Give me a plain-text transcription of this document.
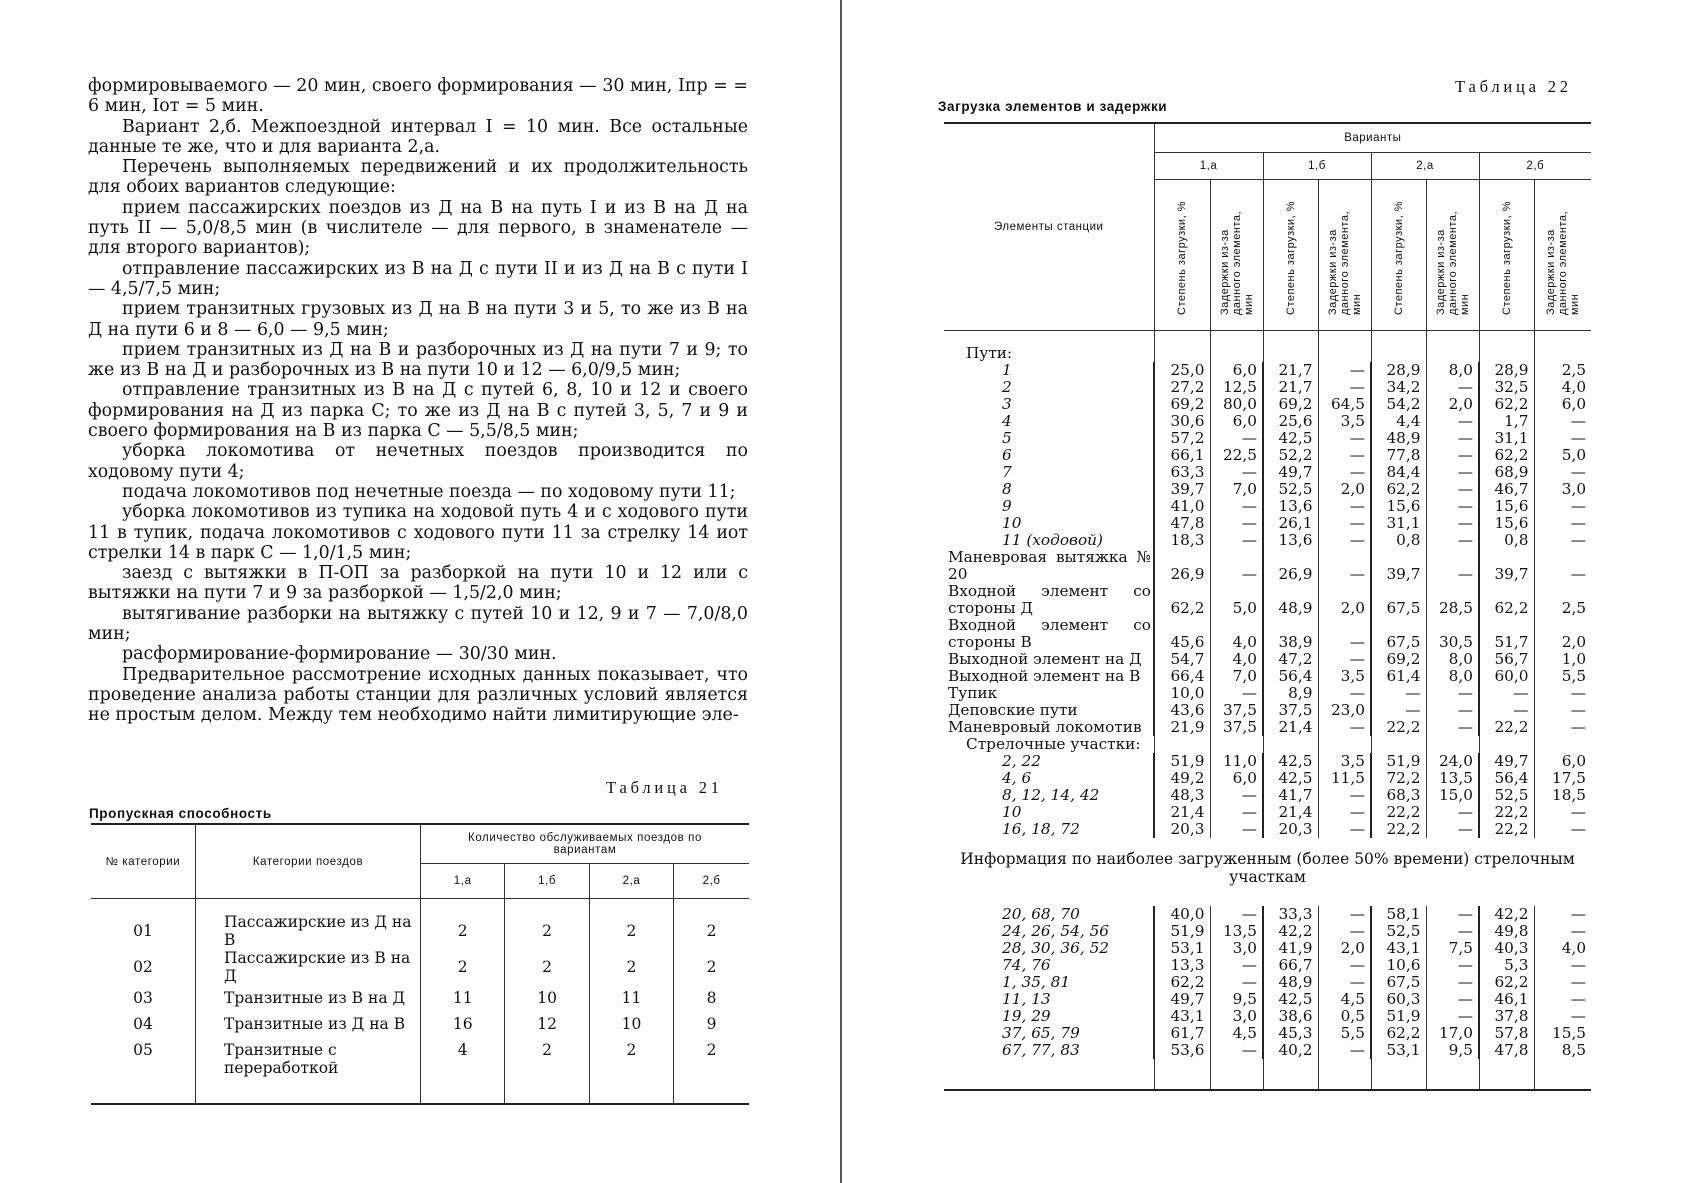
формировываемого — 20 мин, своего формирования — 30 мин, Iпр = = 6 мин, Iот = 5 мин.

Вариант 2,б. Межпоездной интервал I = 10 мин. Все остальные данные те же, что и для варианта 2,а.

Перечень выполняемых передвижений и их продолжительность для обоих вариантов следующие:

прием пассажирских поездов из Д на В на путь I и из В на Д на путь II — 5,0/8,5 мин (в числителе — для первого, в знаменателе — для второго вариантов);

отправление пассажирских из В на Д с пути II и из Д на В с пути I — 4,5/7,5 мин;

прием транзитных грузовых из Д на В на пути 3 и 5, то же из В на Д на пути 6 и 8 — 6,0 — 9,5 мин;

прием транзитных из Д на В и разборочных из Д на пути 7 и 9; то же из В на Д и разборочных из В на пути 10 и 12 — 6,0/9,5 мин;

отправление транзитных из В на Д с путей 6, 8, 10 и 12 и своего формирования на Д из парка С; то же из Д на В с путей 3, 5, 7 и 9 и своего формирования на В из парка С — 5,5/8,5 мин;

уборка локомотива от нечетных поездов производится по ходовому пути 4;

подача локомотивов под нечетные поезда — по ходовому пути 11;

уборка локомотивов из тупика на ходовой путь 4 и с ходового пути 11 в тупик, подача локомотивов с ходового пути 11 за стрелку 14 иот стрелки 14 в парк С — 1,0/1,5 мин;

заезд с вытяжки в П-ОП за разборкой на пути 10 и 12 или с вытяжки на пути 7 и 9 за разборкой — 1,5/2,0 мин;

вытягивание разборки на вытяжку с путей 10 и 12, 9 и 7 — 7,0/8,0 мин;

расформирование-формирование — 30/30 мин.

Предварительное рассмотрение исходных данных показывает, что проведение анализа работы станции для различных условий является не простым делом. Между тем необходимо найти лимитирующие эле-

Таблица 21
Пропускная способность
№ категории	Категории поездов	Количество обслуживаемых поездов по вариантам			
		1,а	1,б	2,а	2,б

01	Пассажирские из Д на В	2	2	2	2
02	Пассажирские из В на Д	2	2	2	2
03	Транзитные из В на Д	11	10	11	8
04	Транзитные из Д на В	16	12	10	9
05	Транзитные с переработкой	4	2	2	2

Таблица 22
Загрузка элементов и задержки
Элементы станции	Варианты							
	1,а		1,б		2,а		2,б	

	Степень загрузки, %	Задержки из-за данного элемента, мин	Степень загрузки, %	Задержки из-за данного элемента, мин	Степень загрузки, %	Задержки из-за данного элемента, мин	Степень загрузки, %	Задержки из-за данного элемента, мин

Пути:								
1	25,0	6,0	21,7	—	28,9	8,0	28,9	2,5
2	27,2	12,5	21,7	—	34,2	—	32,5	4,0
3	69,2	80,0	69,2	64,5	54,2	2,0	62,2	6,0
4	30,6	6,0	25,6	3,5	4,4	—	1,7	—
5	57,2	—	42,5	—	48,9	—	31,1	—
6	66,1	22,5	52,2	—	77,8	—	62,2	5,0
7	63,3	—	49,7	—	84,4	—	68,9	—
8	39,7	7,0	52,5	2,0	62,2	—	46,7	3,0
9	41,0	—	13,6	—	15,6	—	15,6	—
10	47,8	—	26,1	—	31,1	—	15,6	—
11 (ходовой)	18,3	—	13,6	—	0,8	—	0,8	—
Маневровая вытяжка № 20	26,9	—	26,9	—	39,7	—	39,7	—
Входной элемент со стороны Д	62,2	5,0	48,9	2,0	67,5	28,5	62,2	2,5
Входной элемент со стороны В	45,6	4,0	38,9	—	67,5	30,5	51,7	2,0
Выходной элемент на Д	54,7	4,0	47,2	—	69,2	8,0	56,7	1,0
Выходной элемент на В	66,4	7,0	56,4	3,5	61,4	8,0	60,0	5,5
Тупик	10,0	—	8,9	—	—	—	—	—
Деповские пути	43,6	37,5	37,5	23,0	—	—	—	—
Маневровый локомотив	21,9	37,5	21,4	—	22,2	—	22,2	—
Стрелочные участки:								
2, 22	51,9	11,0	42,5	3,5	51,9	24,0	49,7	6,0
4, 6	49,2	6,0	42,5	11,5	72,2	13,5	56,4	17,5
8, 12, 14, 42	48,3	—	41,7	—	68,3	15,0	52,5	18,5
10	21,4	—	21,4	—	22,2	—	22,2	—
16, 18, 72	20,3	—	20,3	—	22,2	—	22,2	—
Информация по наиболее загруженным (более 50% времени) стрелочным участкам								
20, 68, 70	40,0	—	33,3	—	58,1	—	42,2	—
24, 26, 54, 56	51,9	13,5	42,2	—	52,5	—	49,8	—
28, 30, 36, 52	53,1	3,0	41,9	2,0	43,1	7,5	40,3	4,0
74, 76	13,3	—	66,7	—	10,6	—	5,3	—
1, 35, 81	62,2	—	48,9	—	67,5	—	62,2	—
11, 13	49,7	9,5	42,5	4,5	60,3	—	46,1	—
19, 29	43,1	3,0	38,6	0,5	51,9	—	37,8	—
37, 65, 79	61,7	4,5	45,3	5,5	62,2	17,0	57,8	15,5
67, 77, 83	53,6	—	40,2	—	53,1	9,5	47,8	8,5
